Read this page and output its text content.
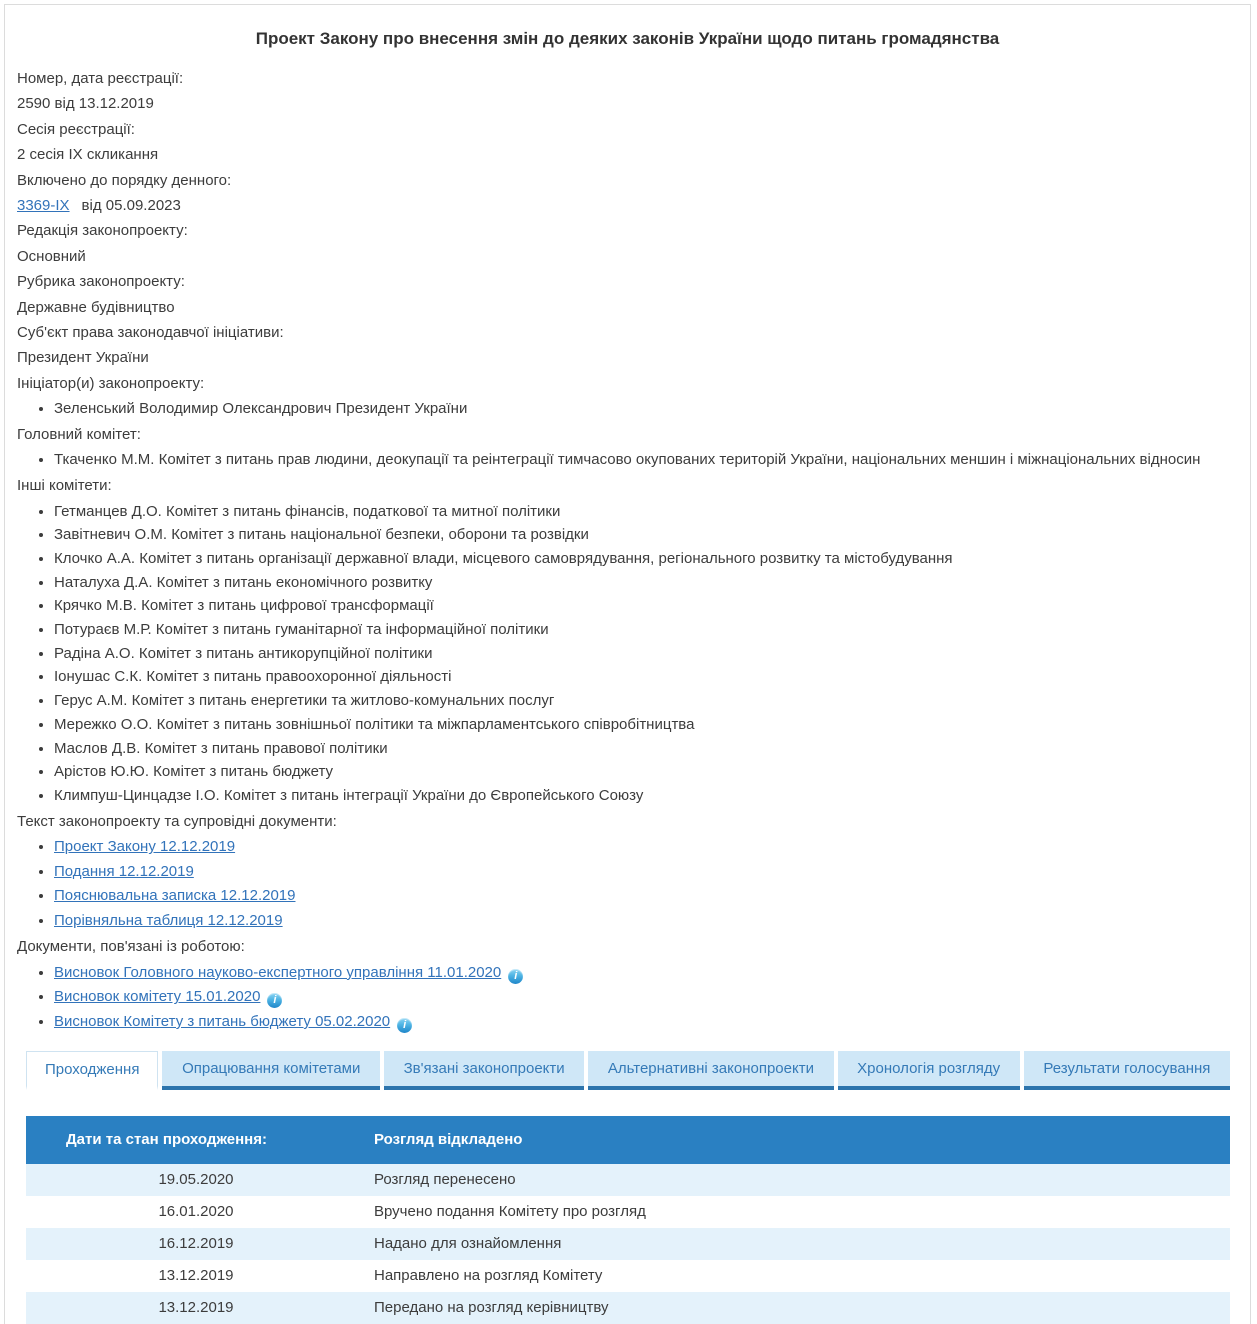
Проект Закону про внесення змін до деяких законів України щодо питань громадянства
Номер, дата реєстрації:
2590 від 13.12.2019
Сесія реєстрації:
2 сесія IX скликання
Включено до порядку денного:
3369-IX від 05.09.2023
Редакція законопроекту:
Основний
Рубрика законопроекту:
Державне будівництво
Суб'єкт права законодавчої ініціативи:
Президент України
Ініціатор(и) законопроекту:
• Зеленський Володимир Олександрович Президент України
Головний комітет:
• Ткаченко М.М. Комітет з питань прав людини, деокупації та реінтеграції тимчасово окупованих територій України, національних меншин і міжнаціональних відносин
Інші комітети:
• Гетманцев Д.О. Комітет з питань фінансів, податкової та митної політики
• Завітневич О.М. Комітет з питань національної безпеки, оборони та розвідки
• Клочко А.А. Комітет з питань організації державної влади, місцевого самоврядування, регіонального розвитку та містобудування
• Наталуха Д.А. Комітет з питань економічного розвитку
• Крячко М.В. Комітет з питань цифрової трансформації
• Потураєв М.Р. Комітет з питань гуманітарної та інформаційної політики
• Радіна А.О. Комітет з питань антикорупційної політики
• Іонушас С.К. Комітет з питань правоохоронної діяльності
• Герус А.М. Комітет з питань енергетики та житлово-комунальних послуг
• Мережко О.О. Комітет з питань зовнішньої політики та міжпарламентського співробітництва
• Маслов Д.В. Комітет з питань правової політики
• Арістов Ю.Ю. Комітет з питань бюджету
• Климпуш-Цинцадзе І.О. Комітет з питань інтеграції України до Європейського Союзу
Текст законопроекту та супровідні документи:
• Проект Закону 12.12.2019
• Подання 12.12.2019
• Пояснювальна записка 12.12.2019
• Порівняльна таблиця 12.12.2019
Документи, пов'язані із роботою:
• Висновок Головного науково-експертного управління 11.01.2020 i
• Висновок комітету 15.01.2020 i
• Висновок Комітету з питань бюджету 05.02.2020 i
Проходження	Опрацювання комітетами	Зв'язані законопроекти	Альтернативні законопроекти	Хронологія розгляду	Результати голосування
Дати та стан проходження:	Розгляд відкладено
19.05.2020	Розгляд перенесено
16.01.2020	Вручено подання Комітету про розгляд
16.12.2019	Надано для ознайомлення
13.12.2019	Направлено на розгляд Комітету
13.12.2019	Передано на розгляд керівництву
